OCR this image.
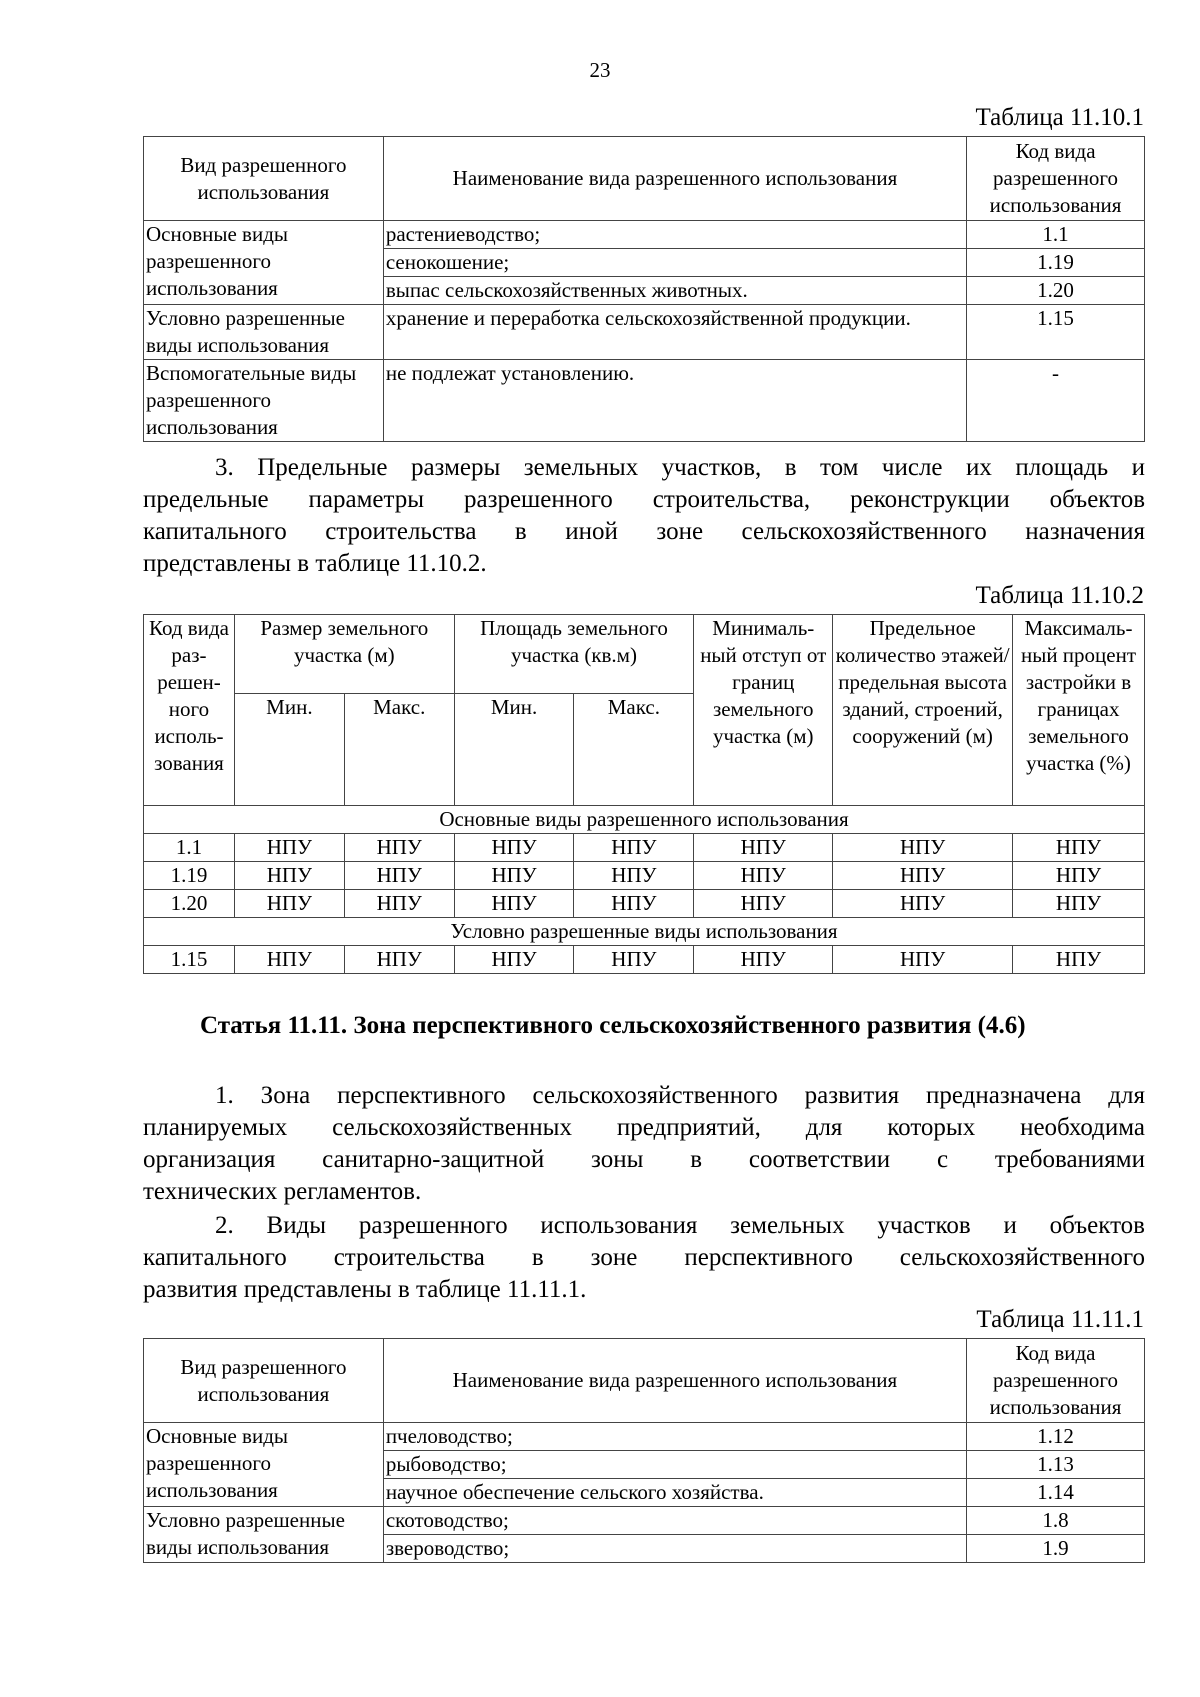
23
Таблица 11.10.1
Вид разрешенного использования	Наименование вида разрешенного использования	Код вида разрешенного использования
Основные виды разрешенного использования	растениеводство;	1.1
	сенокошение;	1.19
	выпас сельскохозяйственных животных.	1.20
Условно разрешенные виды использования	хранение и переработка сельскохозяйственной продукции.	1.15
Вспомогательные виды разрешенного использования	не подлежат установлению.	-

3. Предельные размеры земельных участков, в том числе их площадь и
предельные параметры разрешенного строительства, реконструкции объектов
капитального строительства в иной зоне сельскохозяйственного назначения
представлены в таблице 11.10.2.

Таблица 11.10.2
Код вида раз- решен- ного исполь- зования	Размер земельного участка (м)		Площадь земельного участка (кв.м)		Минималь- ный отступ от границ земельного участка (м)	Предельное количество этажей/ предельная высота зданий, строений, сооружений (м)	Максималь- ный процент застройки в границах земельного участка (%)
	Мин.	Макс.	Мин.	Макс.			
Основные виды разрешенного использования							
1.1	НПУ	НПУ	НПУ	НПУ	НПУ	НПУ	НПУ
1.19	НПУ	НПУ	НПУ	НПУ	НПУ	НПУ	НПУ
1.20	НПУ	НПУ	НПУ	НПУ	НПУ	НПУ	НПУ
Условно разрешенные виды использования							
1.15	НПУ	НПУ	НПУ	НПУ	НПУ	НПУ	НПУ
Статья 11.11. Зона перспективного сельскохозяйственного развития (4.6)

1. Зона перспективного сельскохозяйственного развития предназначена для
планируемых сельскохозяйственных предприятий, для которых необходима
организация санитарно-защитной зоны в соответствии с требованиями
технических регламентов.

2. Виды разрешенного использования земельных участков и объектов
капитального строительства в зоне перспективного сельскохозяйственного
развития представлены в таблице 11.11.1.

Таблица 11.11.1
Вид разрешенного использования	Наименование вида разрешенного использования	Код вида разрешенного использования
Основные виды разрешенного использования	пчеловодство;	1.12
	рыбоводство;	1.13
	научное обеспечение сельского хозяйства.	1.14
Условно разрешенные виды использования	скотоводство;	1.8
	звероводство;	1.9
